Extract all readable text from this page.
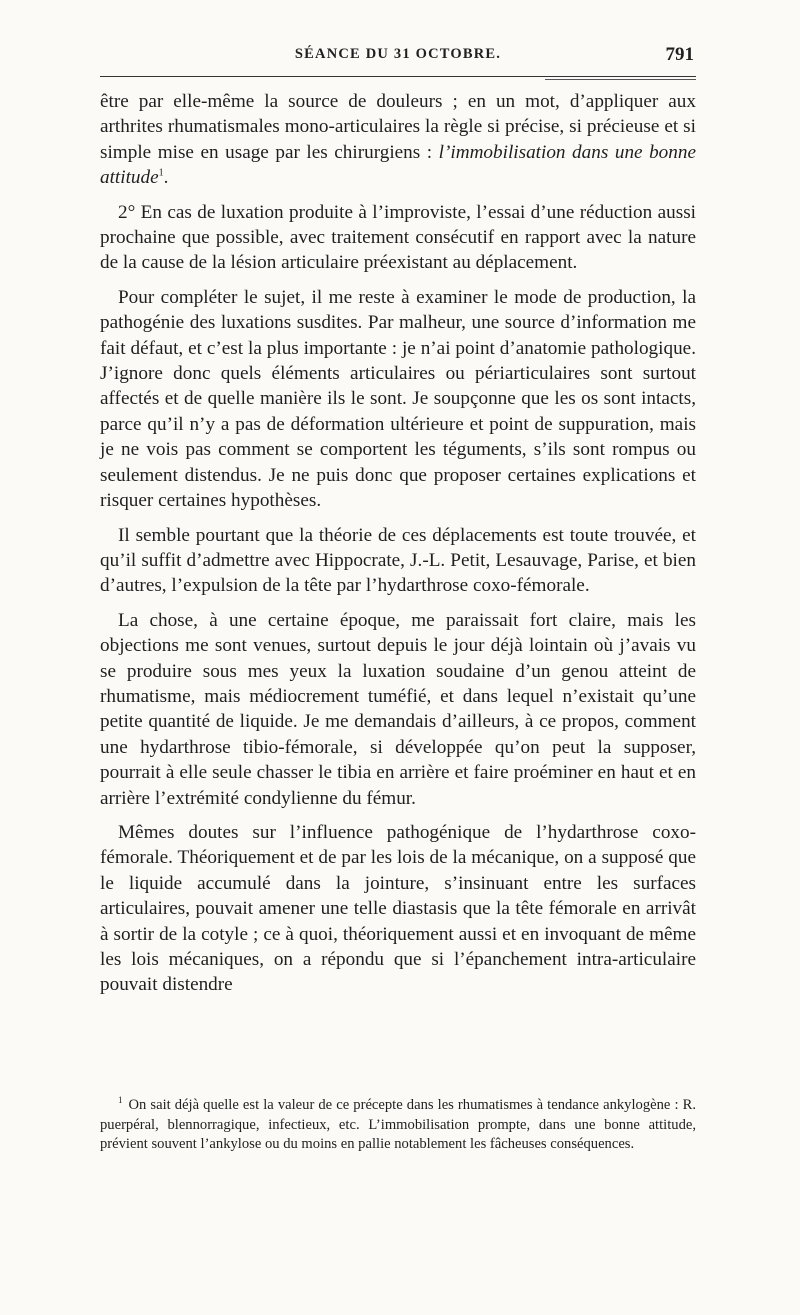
SÉANCE DU 31 OCTOBRE.	791

être par elle-même la source de douleurs ; en un mot, d’appliquer aux arthrites rhumatismales mono-articulaires la règle si précise, si précieuse et si simple mise en usage par les chirurgiens : l’immobilisation dans une bonne attitude$^1$.

2° En cas de luxation produite à l’improviste, l’essai d’une réduction aussi prochaine que possible, avec traitement consécutif en rapport avec la nature de la cause de la lésion articulaire préexistant au déplacement.

Pour compléter le sujet, il me reste à examiner le mode de production, la pathogénie des luxations susdites. Par malheur, une source d’information me fait défaut, et c’est la plus importante : je n’ai point d’anatomie pathologique. J’ignore donc quels éléments articulaires ou périarticulaires sont surtout affectés et de quelle manière ils le sont. Je soupçonne que les os sont intacts, parce qu’il n’y a pas de déformation ultérieure et point de suppuration, mais je ne vois pas comment se comportent les téguments, s’ils sont rompus ou seulement distendus. Je ne puis donc que proposer certaines explications et risquer certaines hypothèses.

Il semble pourtant que la théorie de ces déplacements est toute trouvée, et qu’il suffit d’admettre avec Hippocrate, J.-L. Petit, Lesauvage, Parise, et bien d’autres, l’expulsion de la tête par l’hydarthrose coxo-fémorale.

La chose, à une certaine époque, me paraissait fort claire, mais les objections me sont venues, surtout depuis le jour déjà lointain où j’avais vu se produire sous mes yeux la luxation soudaine d’un genou atteint de rhumatisme, mais médiocrement tuméfié, et dans lequel n’existait qu’une petite quantité de liquide. Je me demandais d’ailleurs, à ce propos, comment une hydarthrose tibio-fémorale, si développée qu’on peut la supposer, pourrait à elle seule chasser le tibia en arrière et faire proéminer en haut et en arrière l’extrémité condylienne du fémur.

Mêmes doutes sur l’influence pathogénique de l’hydarthrose coxo-fémorale. Théoriquement et de par les lois de la mécanique, on a supposé que le liquide accumulé dans la jointure, s’insinuant entre les surfaces articulaires, pouvait amener une telle diastasis que la tête fémorale en arrivât à sortir de la cotyle ; ce à quoi, théoriquement aussi et en invoquant de même les lois mécaniques, on a répondu que si l’épanchement intra-articulaire pouvait distendre

$^1$ On sait déjà quelle est la valeur de ce précepte dans les rhumatismes à tendance ankylogène : R. puerpéral, blennorragique, infectieux, etc. L’immobilisation prompte, dans une bonne attitude, prévient souvent l’ankylose ou du moins en pallie notablement les fâcheuses conséquences.
